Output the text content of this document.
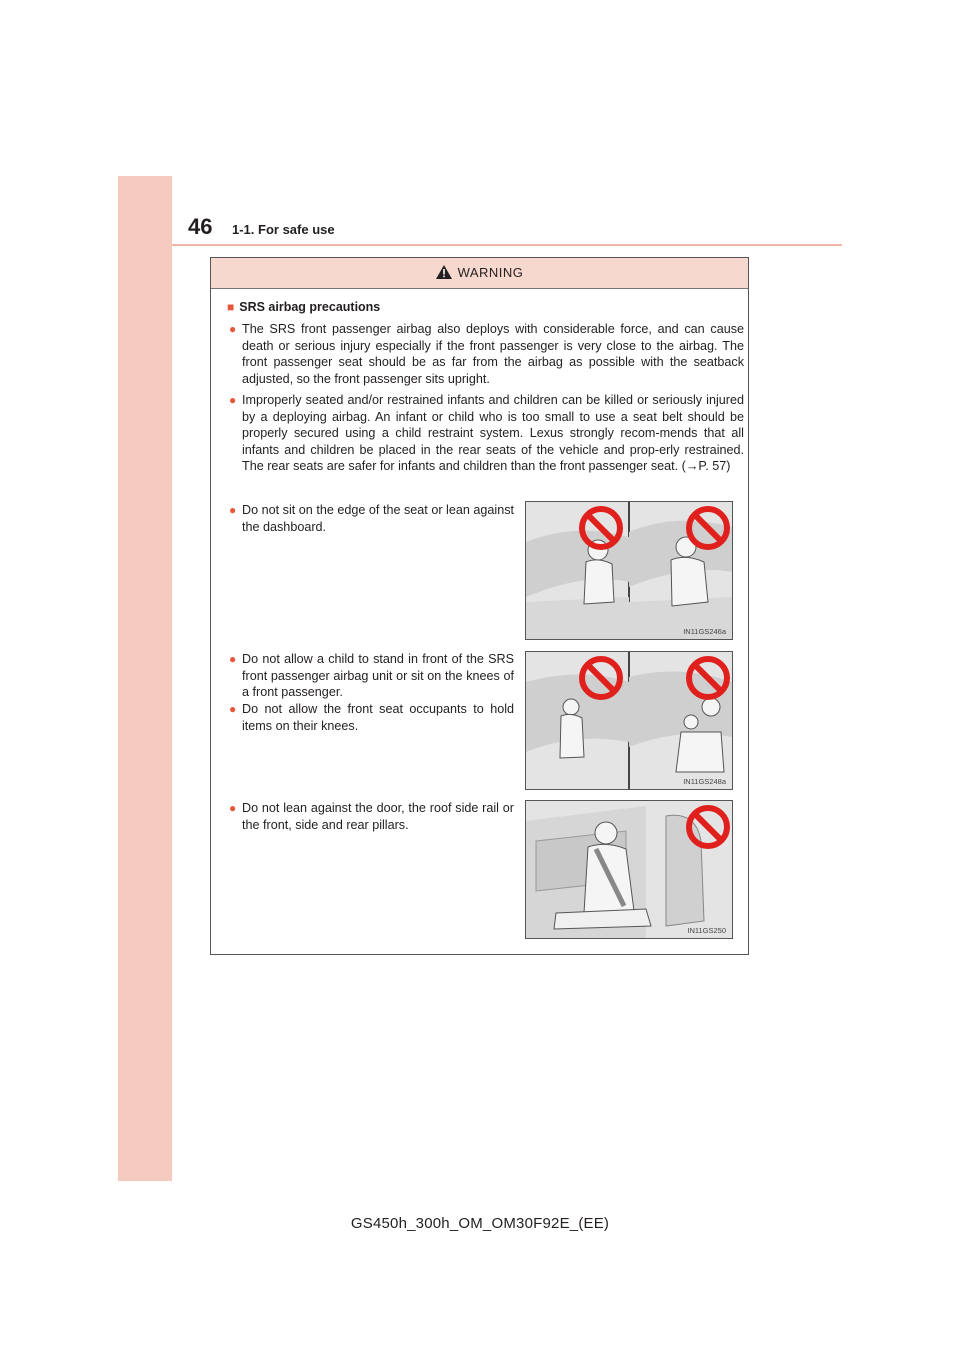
46 1-1. For safe use
WARNING
■ SRS airbag precautions
● The SRS front passenger airbag also deploys with considerable force, and can cause death or serious injury especially if the front passenger is very close to the airbag. The front passenger seat should be as far from the airbag as possible with the seatback adjusted, so the front passenger sits upright.
● Improperly seated and/or restrained infants and children can be killed or seriously injured by a deploying airbag. An infant or child who is too small to use a seat belt should be properly secured using a child restraint system. Lexus strongly recom-mends that all infants and children be placed in the rear seats of the vehicle and prop-erly restrained. The rear seats are safer for infants and children than the front passenger seat. (→P. 57)
● Do not sit on the edge of the seat or lean against the dashboard.
IN11GS246a
● Do not allow a child to stand in front of the SRS front passenger airbag unit or sit on the knees of a front passenger.
● Do not allow the front seat occupants to hold items on their knees.
IN11GS248a
● Do not lean against the door, the roof side rail or the front, side and rear pillars.
IN11GS250
GS450h_300h_OM_OM30F92E_(EE)
